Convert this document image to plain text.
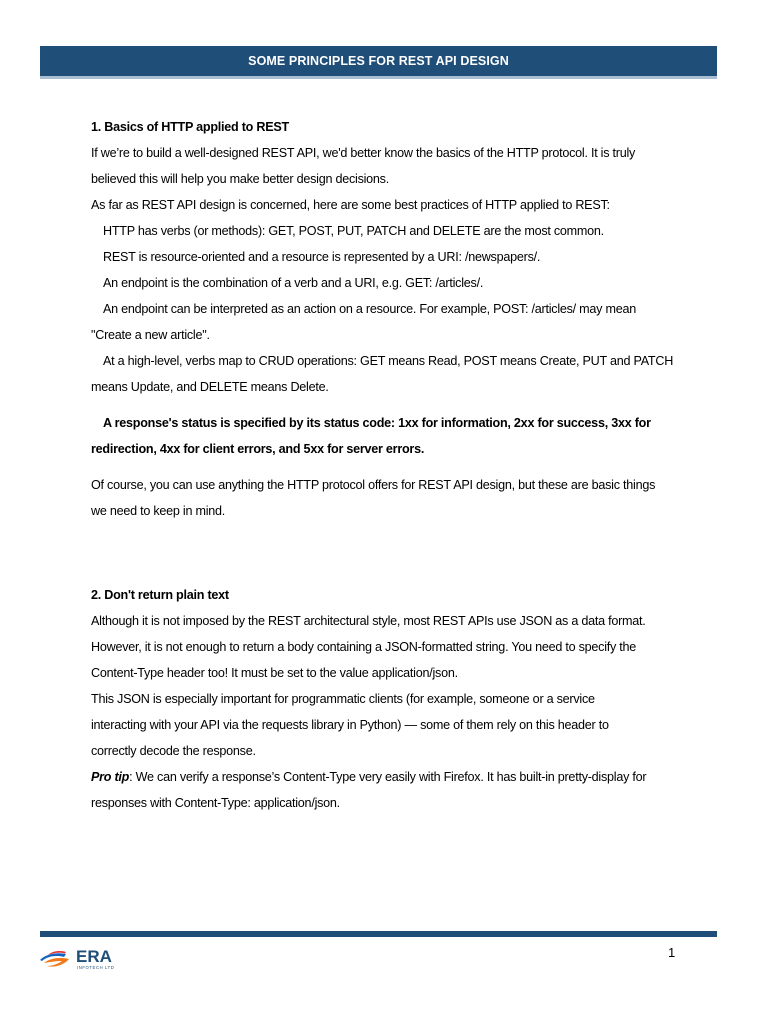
SOME PRINCIPLES FOR REST API DESIGN
1. Basics of HTTP applied to REST
If we’re to build a well-designed REST API, we'd better know the basics of the HTTP protocol. It is truly
believed this will help you make better design decisions.
As far as REST API design is concerned, here are some best practices of HTTP applied to REST:
HTTP has verbs (or methods): GET, POST, PUT, PATCH and DELETE are the most common.
REST is resource-oriented and a resource is represented by a URI: /newspapers/.
An endpoint is the combination of a verb and a URI, e.g. GET: /articles/.
An endpoint can be interpreted as an action on a resource. For example, POST: /articles/ may mean
"Create a new article".
At a high-level, verbs map to CRUD operations: GET means Read, POST means Create, PUT and PATCH
means Update, and DELETE means Delete.
A response's status is specified by its status code: 1xx for information, 2xx for success, 3xx for
redirection, 4xx for client errors, and 5xx for server errors.
Of course, you can use anything the HTTP protocol offers for REST API design, but these are basic things
we need to keep in mind.
2. Don't return plain text
Although it is not imposed by the REST architectural style, most REST APIs use JSON as a data format.
However, it is not enough to return a body containing a JSON-formatted string. You need to specify the
Content-Type header too! It must be set to the value application/json.
This JSON is especially important for programmatic clients (for example, someone or a service
interacting with your API via the requests library in Python) — some of them rely on this header to
correctly decode the response.
Pro tip: We can verify a response’s Content-Type very easily with Firefox. It has built-in pretty-display for
responses with Content-Type: application/json.
ERA
INFOTECH LTD
1
